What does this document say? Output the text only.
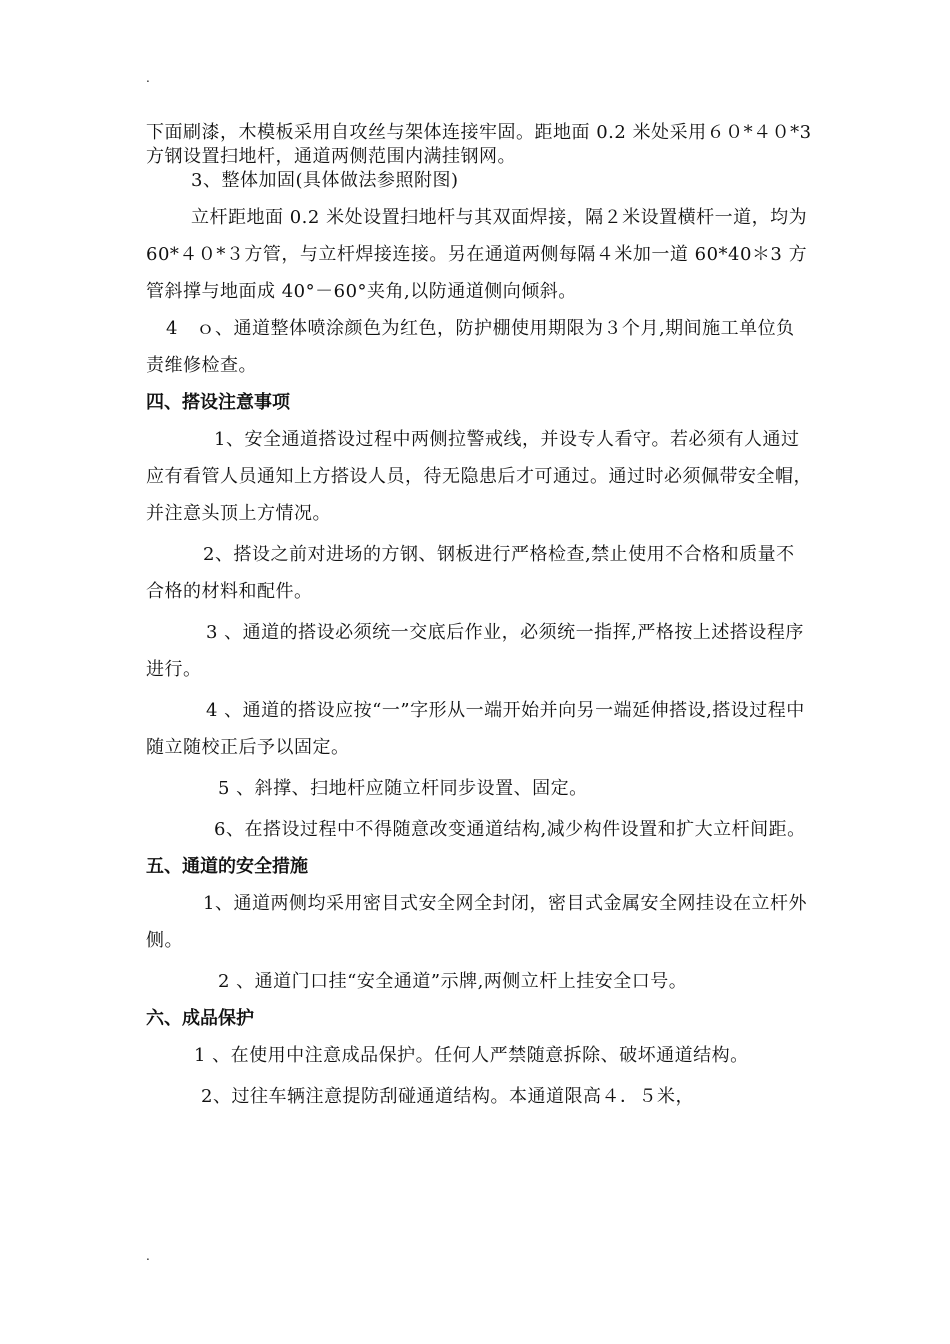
.

下面刷漆，木模板采用自攻丝与架体连接牢固。距地面 0.2 米处采用６０*４０*3 方钢设置扫地杆，通道两侧范围内满挂钢网。

3、整体加固(具体做法参照附图)

立杆距地面 0.2 米处设置扫地杆与其双面焊接，隔２米设置横杆一道，均为 60*４０*３方管，与立杆焊接连接。另在通道两侧每隔４米加一道 60*40＊3 方管斜撑与地面成 40°－60°夹角,以防通道侧向倾斜。

4　ｏ、通道整体喷涂颜色为红色，防护棚使用期限为３个月,期间施工单位负责维修检查。

四、搭设注意事项

1、安全通道搭设过程中两侧拉警戒线，并设专人看守。若必须有人通过应有看管人员通知上方搭设人员，待无隐患后才可通过。通过时必须佩带安全帽，并注意头顶上方情况。

2、搭设之前对进场的方钢、钢板进行严格检查,禁止使用不合格和质量不合格的材料和配件。

3 、通道的搭设必须统一交底后作业，必须统一指挥,严格按上述搭设程序进行。

4 、通道的搭设应按“一”字形从一端开始并向另一端延伸搭设,搭设过程中随立随校正后予以固定。

5 、斜撑、扫地杆应随立杆同步设置、固定。

6、在搭设过程中不得随意改变通道结构,减少构件设置和扩大立杆间距。

五、通道的安全措施

1、通道两侧均采用密目式安全网全封闭，密目式金属安全网挂设在立杆外侧。

2 、通道门口挂“安全通道”示牌,两侧立杆上挂安全口号。

六、成品保护

1 、在使用中注意成品保护。任何人严禁随意拆除、破坏通道结构。

2、过往车辆注意提防刮碰通道结构。本通道限高４．５米，

.
